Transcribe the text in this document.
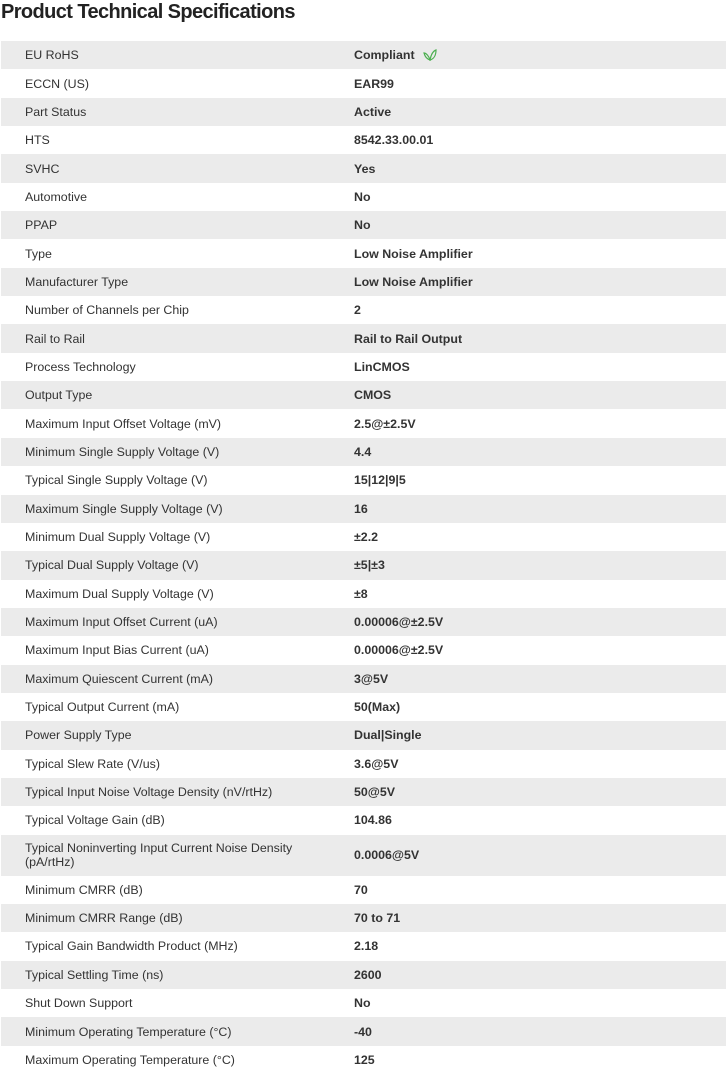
Product Technical Specifications
EU RoHS	Compliant
ECCN (US)	EAR99
Part Status	Active
HTS	8542.33.00.01
SVHC	Yes
Automotive	No
PPAP	No
Type	Low Noise Amplifier
Manufacturer Type	Low Noise Amplifier
Number of Channels per Chip	2
Rail to Rail	Rail to Rail Output
Process Technology	LinCMOS
Output Type	CMOS
Maximum Input Offset Voltage (mV)	2.5@±2.5V
Minimum Single Supply Voltage (V)	4.4
Typical Single Supply Voltage (V)	15|12|9|5
Maximum Single Supply Voltage (V)	16
Minimum Dual Supply Voltage (V)	±2.2
Typical Dual Supply Voltage (V)	±5|±3
Maximum Dual Supply Voltage (V)	±8
Maximum Input Offset Current (uA)	0.00006@±2.5V
Maximum Input Bias Current (uA)	0.00006@±2.5V
Maximum Quiescent Current (mA)	3@5V
Typical Output Current (mA)	50(Max)
Power Supply Type	Dual|Single
Typical Slew Rate (V/us)	3.6@5V
Typical Input Noise Voltage Density (nV/rtHz)	50@5V
Typical Voltage Gain (dB)	104.86
Typical Noninverting Input Current Noise Density (pA/rtHz)	0.0006@5V
Minimum CMRR (dB)	70
Minimum CMRR Range (dB)	70 to 71
Typical Gain Bandwidth Product (MHz)	2.18
Typical Settling Time (ns)	2600
Shut Down Support	No
Minimum Operating Temperature (°C)	-40
Maximum Operating Temperature (°C)	125
